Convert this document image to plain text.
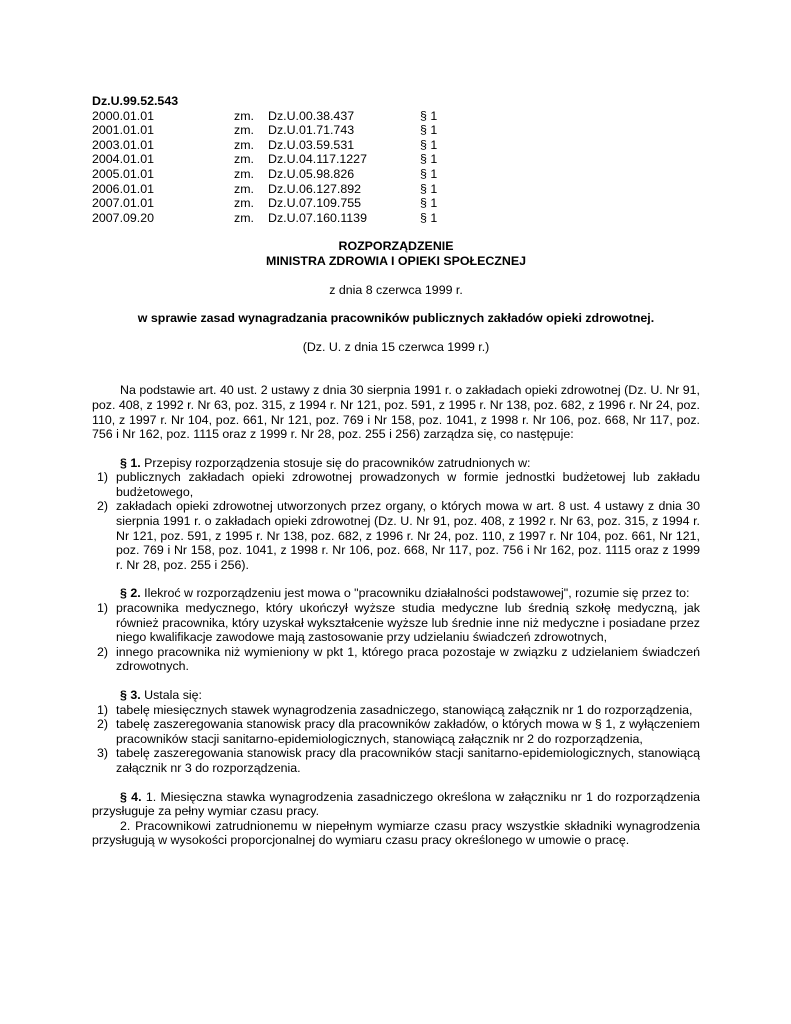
Dz.U.99.52.543
2000.01.01	zm. Dz.U.00.38.437	§ 1
2001.01.01	zm. Dz.U.01.71.743	§ 1
2003.01.01	zm. Dz.U.03.59.531	§ 1
2004.01.01	zm. Dz.U.04.117.1227	§ 1
2005.01.01	zm. Dz.U.05.98.826	§ 1
2006.01.01	zm. Dz.U.06.127.892	§ 1
2007.01.01	zm. Dz.U.07.109.755	§ 1
2007.09.20	zm. Dz.U.07.160.1139	§ 1
ROZPORZĄDZENIE
MINISTRA ZDROWIA I OPIEKI SPOŁECZNEJ
z dnia 8 czerwca 1999 r.
w sprawie zasad wynagradzania pracowników publicznych zakładów opieki zdrowotnej.
(Dz. U. z dnia 15 czerwca 1999 r.)

Na podstawie art. 40 ust. 2 ustawy z dnia 30 sierpnia 1991 r. o zakładach opieki zdrowotnej (Dz. U. Nr 91, poz. 408, z 1992 r. Nr 63, poz. 315, z 1994 r. Nr 121, poz. 591, z 1995 r. Nr 138, poz. 682, z 1996 r. Nr 24, poz. 110, z 1997 r. Nr 104, poz. 661, Nr 121, poz. 769 i Nr 158, poz. 1041, z 1998 r. Nr 106, poz. 668, Nr 117, poz. 756 i Nr 162, poz. 1115 oraz z 1999 r. Nr 28, poz. 255 i 256) zarządza się, co następuje:

§ 1. Przepisy rozporządzenia stosuje się do pracowników zatrudnionych w:

1) publicznych zakładach opieki zdrowotnej prowadzonych w formie jednostki budżetowej lub zakładu budżetowego,
2) zakładach opieki zdrowotnej utworzonych przez organy, o których mowa w art. 8 ust. 4 ustawy z dnia 30 sierpnia 1991 r. o zakładach opieki zdrowotnej (Dz. U. Nr 91, poz. 408, z 1992 r. Nr 63, poz. 315, z 1994 r. Nr 121, poz. 591, z 1995 r. Nr 138, poz. 682, z 1996 r. Nr 24, poz. 110, z 1997 r. Nr 104, poz. 661, Nr 121, poz. 769 i Nr 158, poz. 1041, z 1998 r. Nr 106, poz. 668, Nr 117, poz. 756 i Nr 162, poz. 1115 oraz z 1999 r. Nr 28, poz. 255 i 256).

§ 2. Ilekroć w rozporządzeniu jest mowa o "pracowniku działalności podstawowej", rozumie się przez to:

1) pracownika medycznego, który ukończył wyższe studia medyczne lub średnią szkołę medyczną, jak również pracownika, który uzyskał wykształcenie wyższe lub średnie inne niż medyczne i posiadane przez niego kwalifikacje zawodowe mają zastosowanie przy udzielaniu świadczeń zdrowotnych,
2) innego pracownika niż wymieniony w pkt 1, którego praca pozostaje w związku z udzielaniem świadczeń zdrowotnych.

§ 3. Ustala się:

1) tabelę miesięcznych stawek wynagrodzenia zasadniczego, stanowiącą załącznik nr 1 do rozporządzenia,
2) tabelę zaszeregowania stanowisk pracy dla pracowników zakładów, o których mowa w § 1, z wyłączeniem pracowników stacji sanitarno-epidemiologicznych, stanowiącą załącznik nr 2 do rozporządzenia,
3) tabelę zaszeregowania stanowisk pracy dla pracowników stacji sanitarno-epidemiologicznych, stanowiącą załącznik nr 3 do rozporządzenia.

§ 4. 1. Miesięczna stawka wynagrodzenia zasadniczego określona w załączniku nr 1 do rozporządzenia przysługuje za pełny wymiar czasu pracy.

2. Pracownikowi zatrudnionemu w niepełnym wymiarze czasu pracy wszystkie składniki wynagrodzenia przysługują w wysokości proporcjonalnej do wymiaru czasu pracy określonego w umowie o pracę.
